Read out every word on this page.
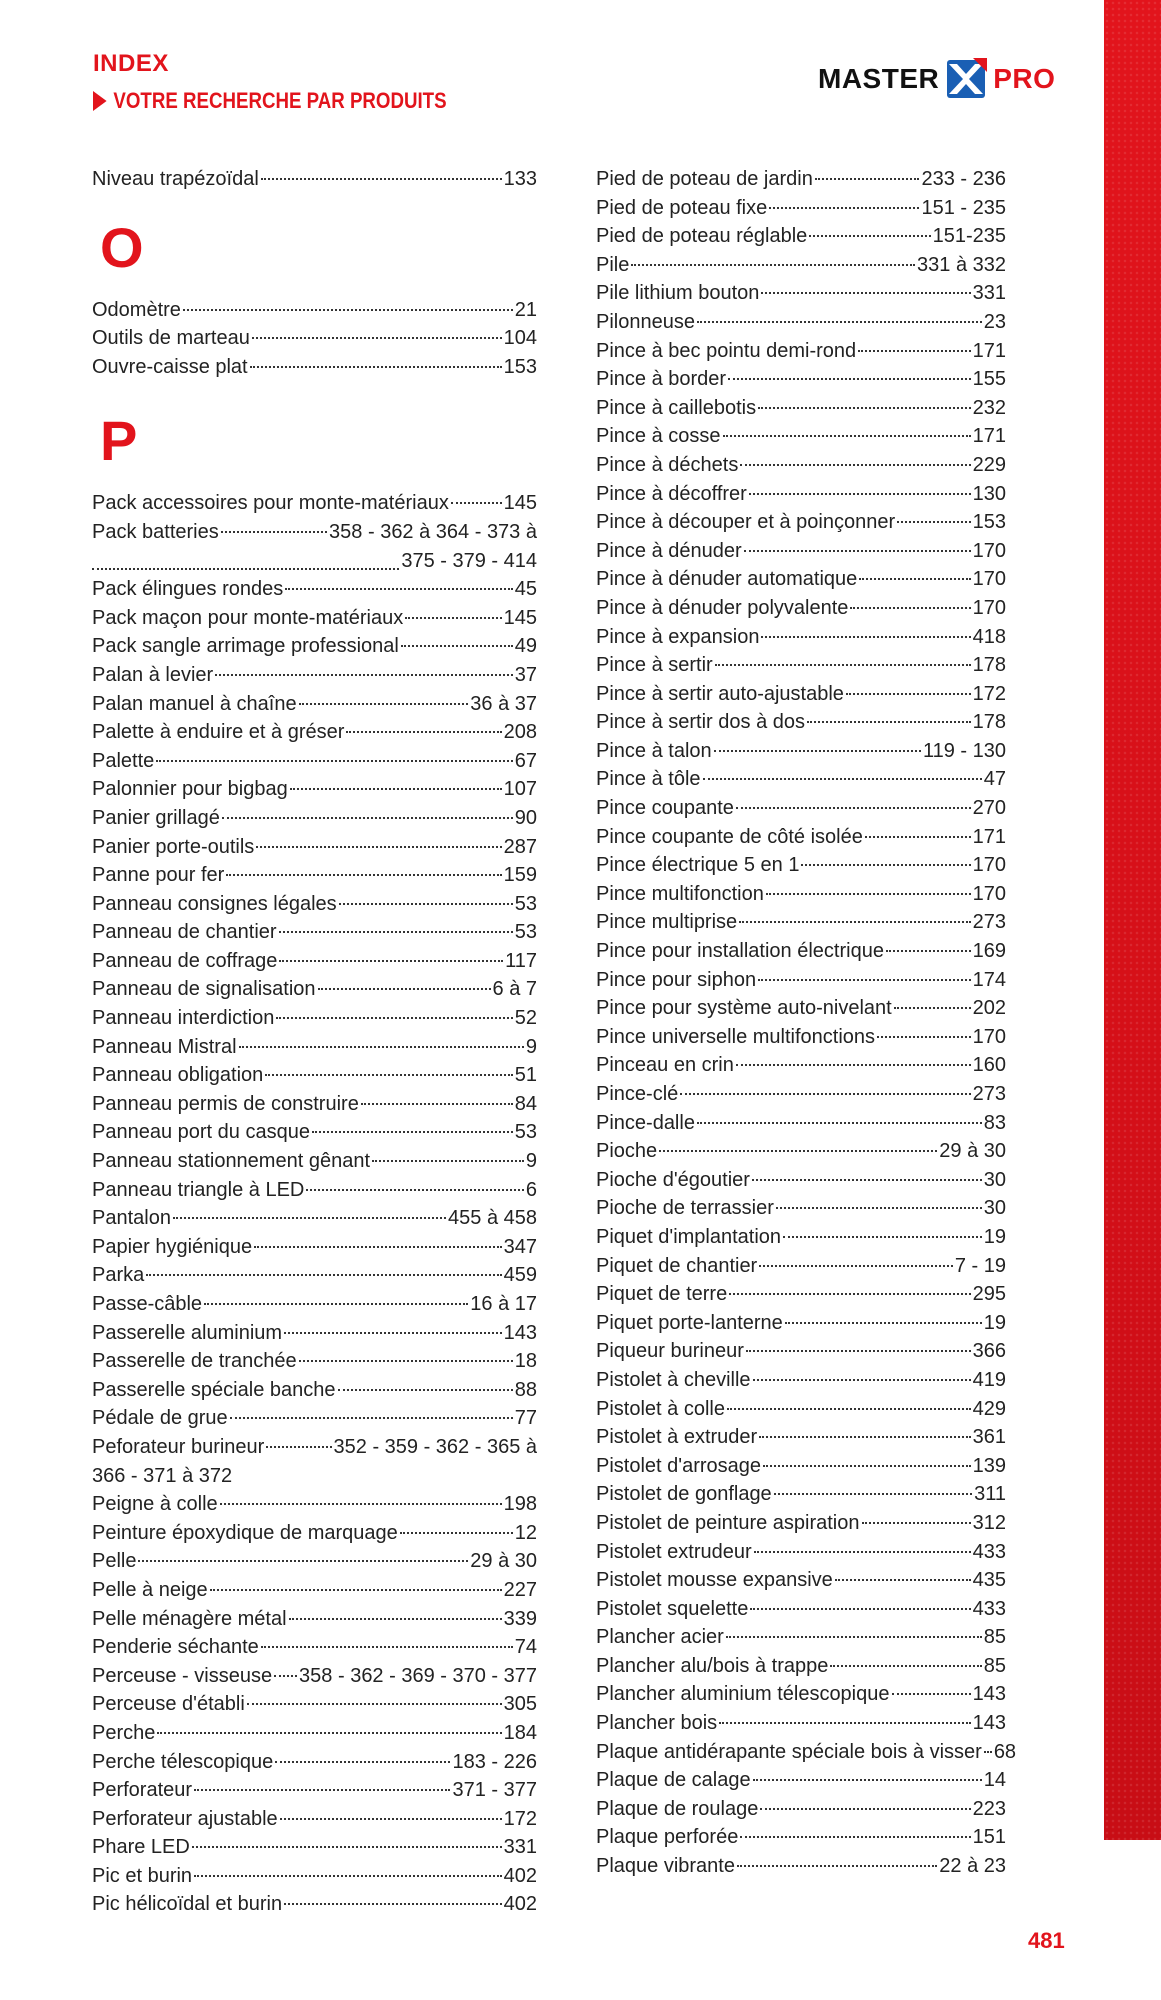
INDEX
VOTRE RECHERCHE PAR PRODUITS
MASTER PRO
Niveau trapézoïdal	133
O
Odomètre	21
Outils de marteau	104
Ouvre-caisse plat	153
P
Pack accessoires pour monte-matériaux	145
Pack batteries	358 - 362 à 364 - 373 à
375 - 379 - 414
Pack élingues rondes	45
Pack maçon pour monte-matériaux	145
Pack sangle arrimage professional	49
Palan à levier	37
Palan manuel à chaîne	36 à 37
Palette à enduire et à gréser	208
Palette	67
Palonnier pour bigbag	107
Panier grillagé	90
Panier porte-outils	287
Panne pour fer	159
Panneau consignes légales	53
Panneau de chantier	53
Panneau de coffrage	117
Panneau de signalisation	6 à 7
Panneau interdiction	52
Panneau Mistral	9
Panneau obligation	51
Panneau permis de construire	84
Panneau port du casque	53
Panneau stationnement gênant	9
Panneau triangle à LED	6
Pantalon	455 à 458
Papier hygiénique	347
Parka	459
Passe-câble	16 à 17
Passerelle aluminium	143
Passerelle de tranchée	18
Passerelle spéciale banche	88
Pédale de grue	77
Peforateur burineur	352 - 359 - 362 - 365 à
366 - 371 à 372
Peigne à colle	198
Peinture époxydique de marquage	12
Pelle	29 à 30
Pelle à neige	227
Pelle ménagère métal	339
Penderie séchante	74
Perceuse - visseuse 358 - 362 - 369 - 370 - 377
Perceuse d'établi	305
Perche	184
Perche télescopique	183 - 226
Perforateur	371 - 377
Perforateur ajustable	172
Phare LED	331
Pic et burin	402
Pic hélicoïdal et burin	402
Pied de poteau de jardin	233 - 236
Pied de poteau fixe	151 - 235
Pied de poteau réglable	151-235
Pile	331 à 332
Pile lithium bouton	331
Pilonneuse	23
Pince à bec pointu demi-rond	171
Pince à border	155
Pince à caillebotis	232
Pince à cosse	171
Pince à déchets	229
Pince à décoffrer	130
Pince à découper et à poinçonner	153
Pince à dénuder	170
Pince à dénuder automatique	170
Pince à dénuder polyvalente	170
Pince à expansion	418
Pince à sertir	178
Pince à sertir auto-ajustable	172
Pince à sertir dos à dos	178
Pince à talon	119 - 130
Pince à tôle	47
Pince coupante	270
Pince coupante de côté isolée	171
Pince électrique 5 en 1	170
Pince multifonction	170
Pince multiprise	273
Pince pour installation électrique	169
Pince pour siphon	174
Pince pour système auto-nivelant	202
Pince universelle multifonctions	170
Pinceau en crin	160
Pince-clé	273
Pince-dalle	83
Pioche	29 à 30
Pioche d'égoutier	30
Pioche de terrassier	30
Piquet d'implantation	19
Piquet de chantier	7 - 19
Piquet de terre	295
Piquet porte-lanterne	19
Piqueur burineur	366
Pistolet à cheville	419
Pistolet à colle	429
Pistolet à extruder	361
Pistolet d'arrosage	139
Pistolet de gonflage	311
Pistolet de peinture aspiration	312
Pistolet extrudeur	433
Pistolet mousse expansive	435
Pistolet squelette	433
Plancher acier	85
Plancher alu/bois à trappe	85
Plancher aluminium télescopique	143
Plancher bois	143
Plaque antidérapante spéciale bois à visser 68
Plaque de calage	14
Plaque de roulage	223
Plaque perforée	151
Plaque vibrante	22 à 23
481
